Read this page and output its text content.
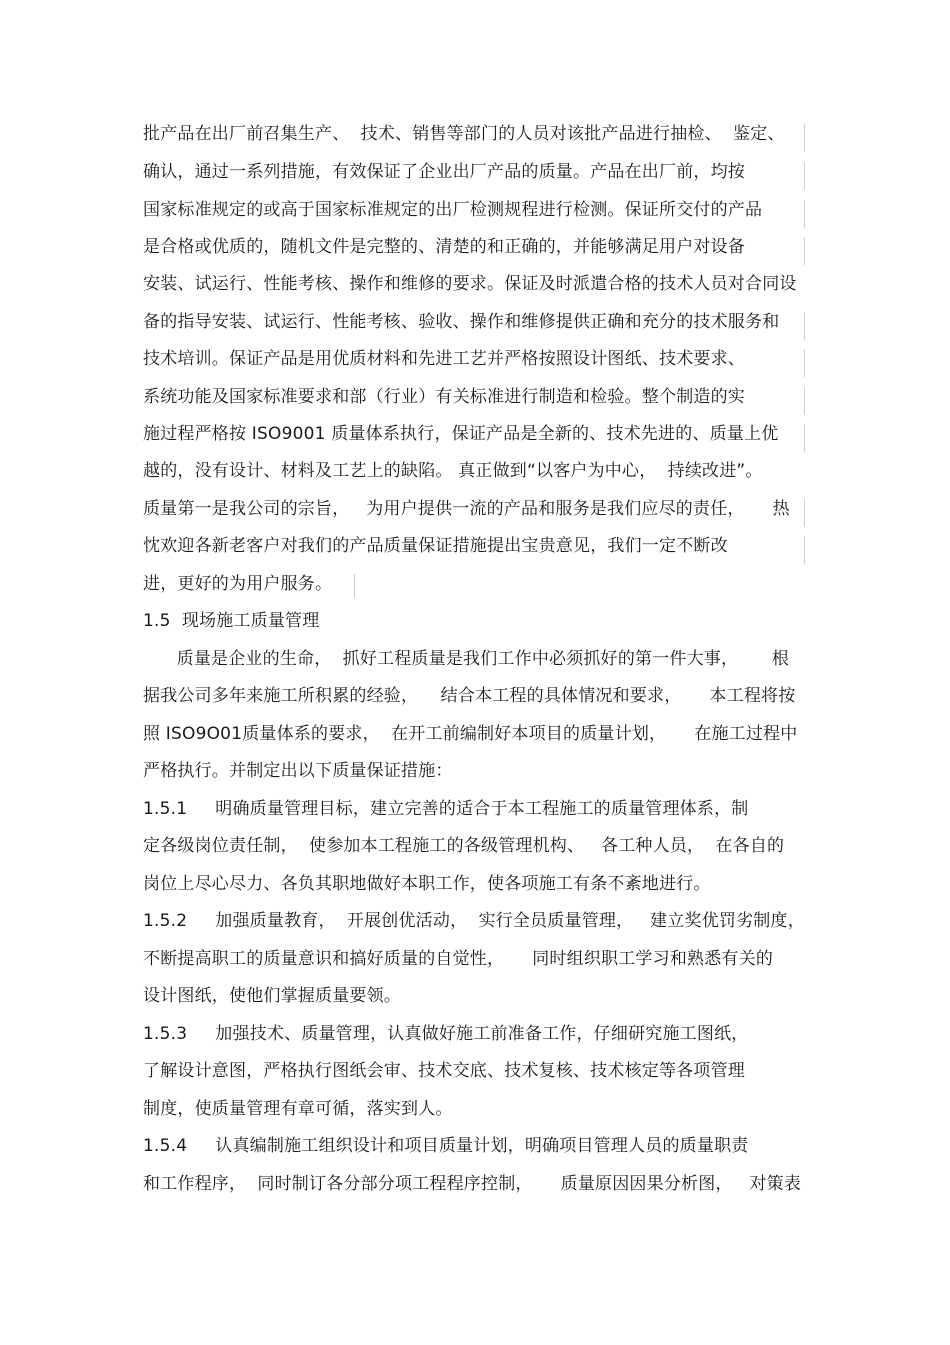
批产品在出厂前召集生产、  技术、销售等部门的人员对该批产品进行抽检、  鉴定、
确认，通过一系列措施，有效保证了企业出厂产品的质量。产品在出厂前，均按
国家标准规定的或高于国家标准规定的出厂检测规程进行检测。保证所交付的产品
是合格或优质的，随机文件是完整的、清楚的和正确的，并能够满足用户对设备
安装、试运行、性能考核、操作和维修的要求。保证及时派遣合格的技术人员对合同设
备的指导安装、试运行、性能考核、验收、操作和维修提供正确和充分的技术服务和
技术培训。保证产品是用优质材料和先进工艺并严格按照设计图纸、技术要求、
系统功能及国家标准要求和部（行业）有关标准进行制造和检验。整个制造的实
施过程严格按 ISO9001 质量体系执行，保证产品是全新的、技术先进的、质量上优
越的，没有设计、材料及工艺上的缺陷。 真正做到“以客户为中心，  持续改进”。
质量第一是我公司的宗旨，   为用户提供一流的产品和服务是我们应尽的责任，     热
忱欢迎各新老客户对我们的产品质量保证措施提出宝贵意见，我们一定不断改
进，更好的为用户服务。
1.5  现场施工质量管理
质量是企业的生命，  抓好工程质量是我们工作中必须抓好的第一件大事，      根
据我公司多年来施工所积累的经验，    结合本工程的具体情况和要求，     本工程将按
照 ISO9O01质量体系的要求，  在开工前编制好本项目的质量计划，     在施工过程中
严格执行。并制定出以下质量保证措施：
1.5.1     明确质量管理目标，建立完善的适合于本工程施工的质量管理体系，制
定各级岗位责任制，  使参加本工程施工的各级管理机构、   各工种人员，  在各自的
岗位上尽心尽力、各负其职地做好本职工作，使各项施工有条不紊地进行。
1.5.2     加强质量教育，  开展创优活动，  实行全员质量管理，   建立奖优罚劣制度，
不断提高职工的质量意识和搞好质量的自觉性，     同时组织职工学习和熟悉有关的
设计图纸，使他们掌握质量要领。
1.5.3     加强技术、质量管理，认真做好施工前准备工作，仔细研究施工图纸，
了解设计意图，严格执行图纸会审、技术交底、技术复核、技术核定等各项管理
制度，使质量管理有章可循，落实到人。
1.5.4     认真编制施工组织设计和项目质量计划，明确项目管理人员的质量职责
和工作程序，  同时制订各分部分项工程程序控制，     质量原因因果分析图，   对策表
